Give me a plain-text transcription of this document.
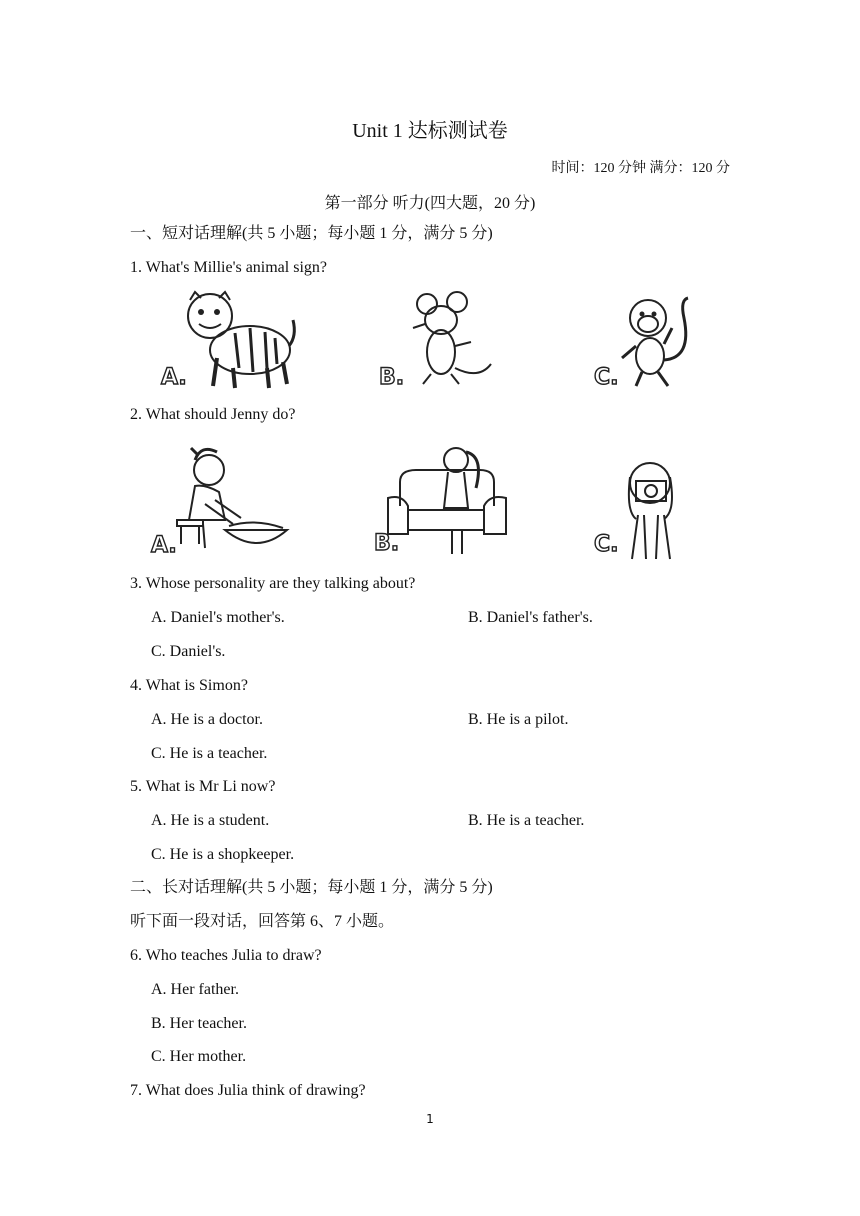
Unit 1 达标测试卷
时间：120 分钟 满分：120 分
第一部分 听力(四大题，20 分)
一、短对话理解(共 5 小题；每小题 1 分，满分 5 分)
1. What's Millie's animal sign?
A.	B.	C.
2. What should Jenny do?
A.	B.	C.
3. Whose personality are they talking about?
A. Daniel's mother's.	B. Daniel's father's.
C. Daniel's.
4. What is Simon?
A. He is a doctor.	B. He is a pilot.
C. He is a teacher.
5. What is Mr Li now?
A. He is a student.	B. He is a teacher.
C. He is a shopkeeper.
二、长对话理解(共 5 小题；每小题 1 分，满分 5 分)
听下面一段对话，回答第 6、7 小题。
6. Who teaches Julia to draw?
A. Her father.
B. Her teacher.
C. Her mother.
7. What does Julia think of drawing?
1
